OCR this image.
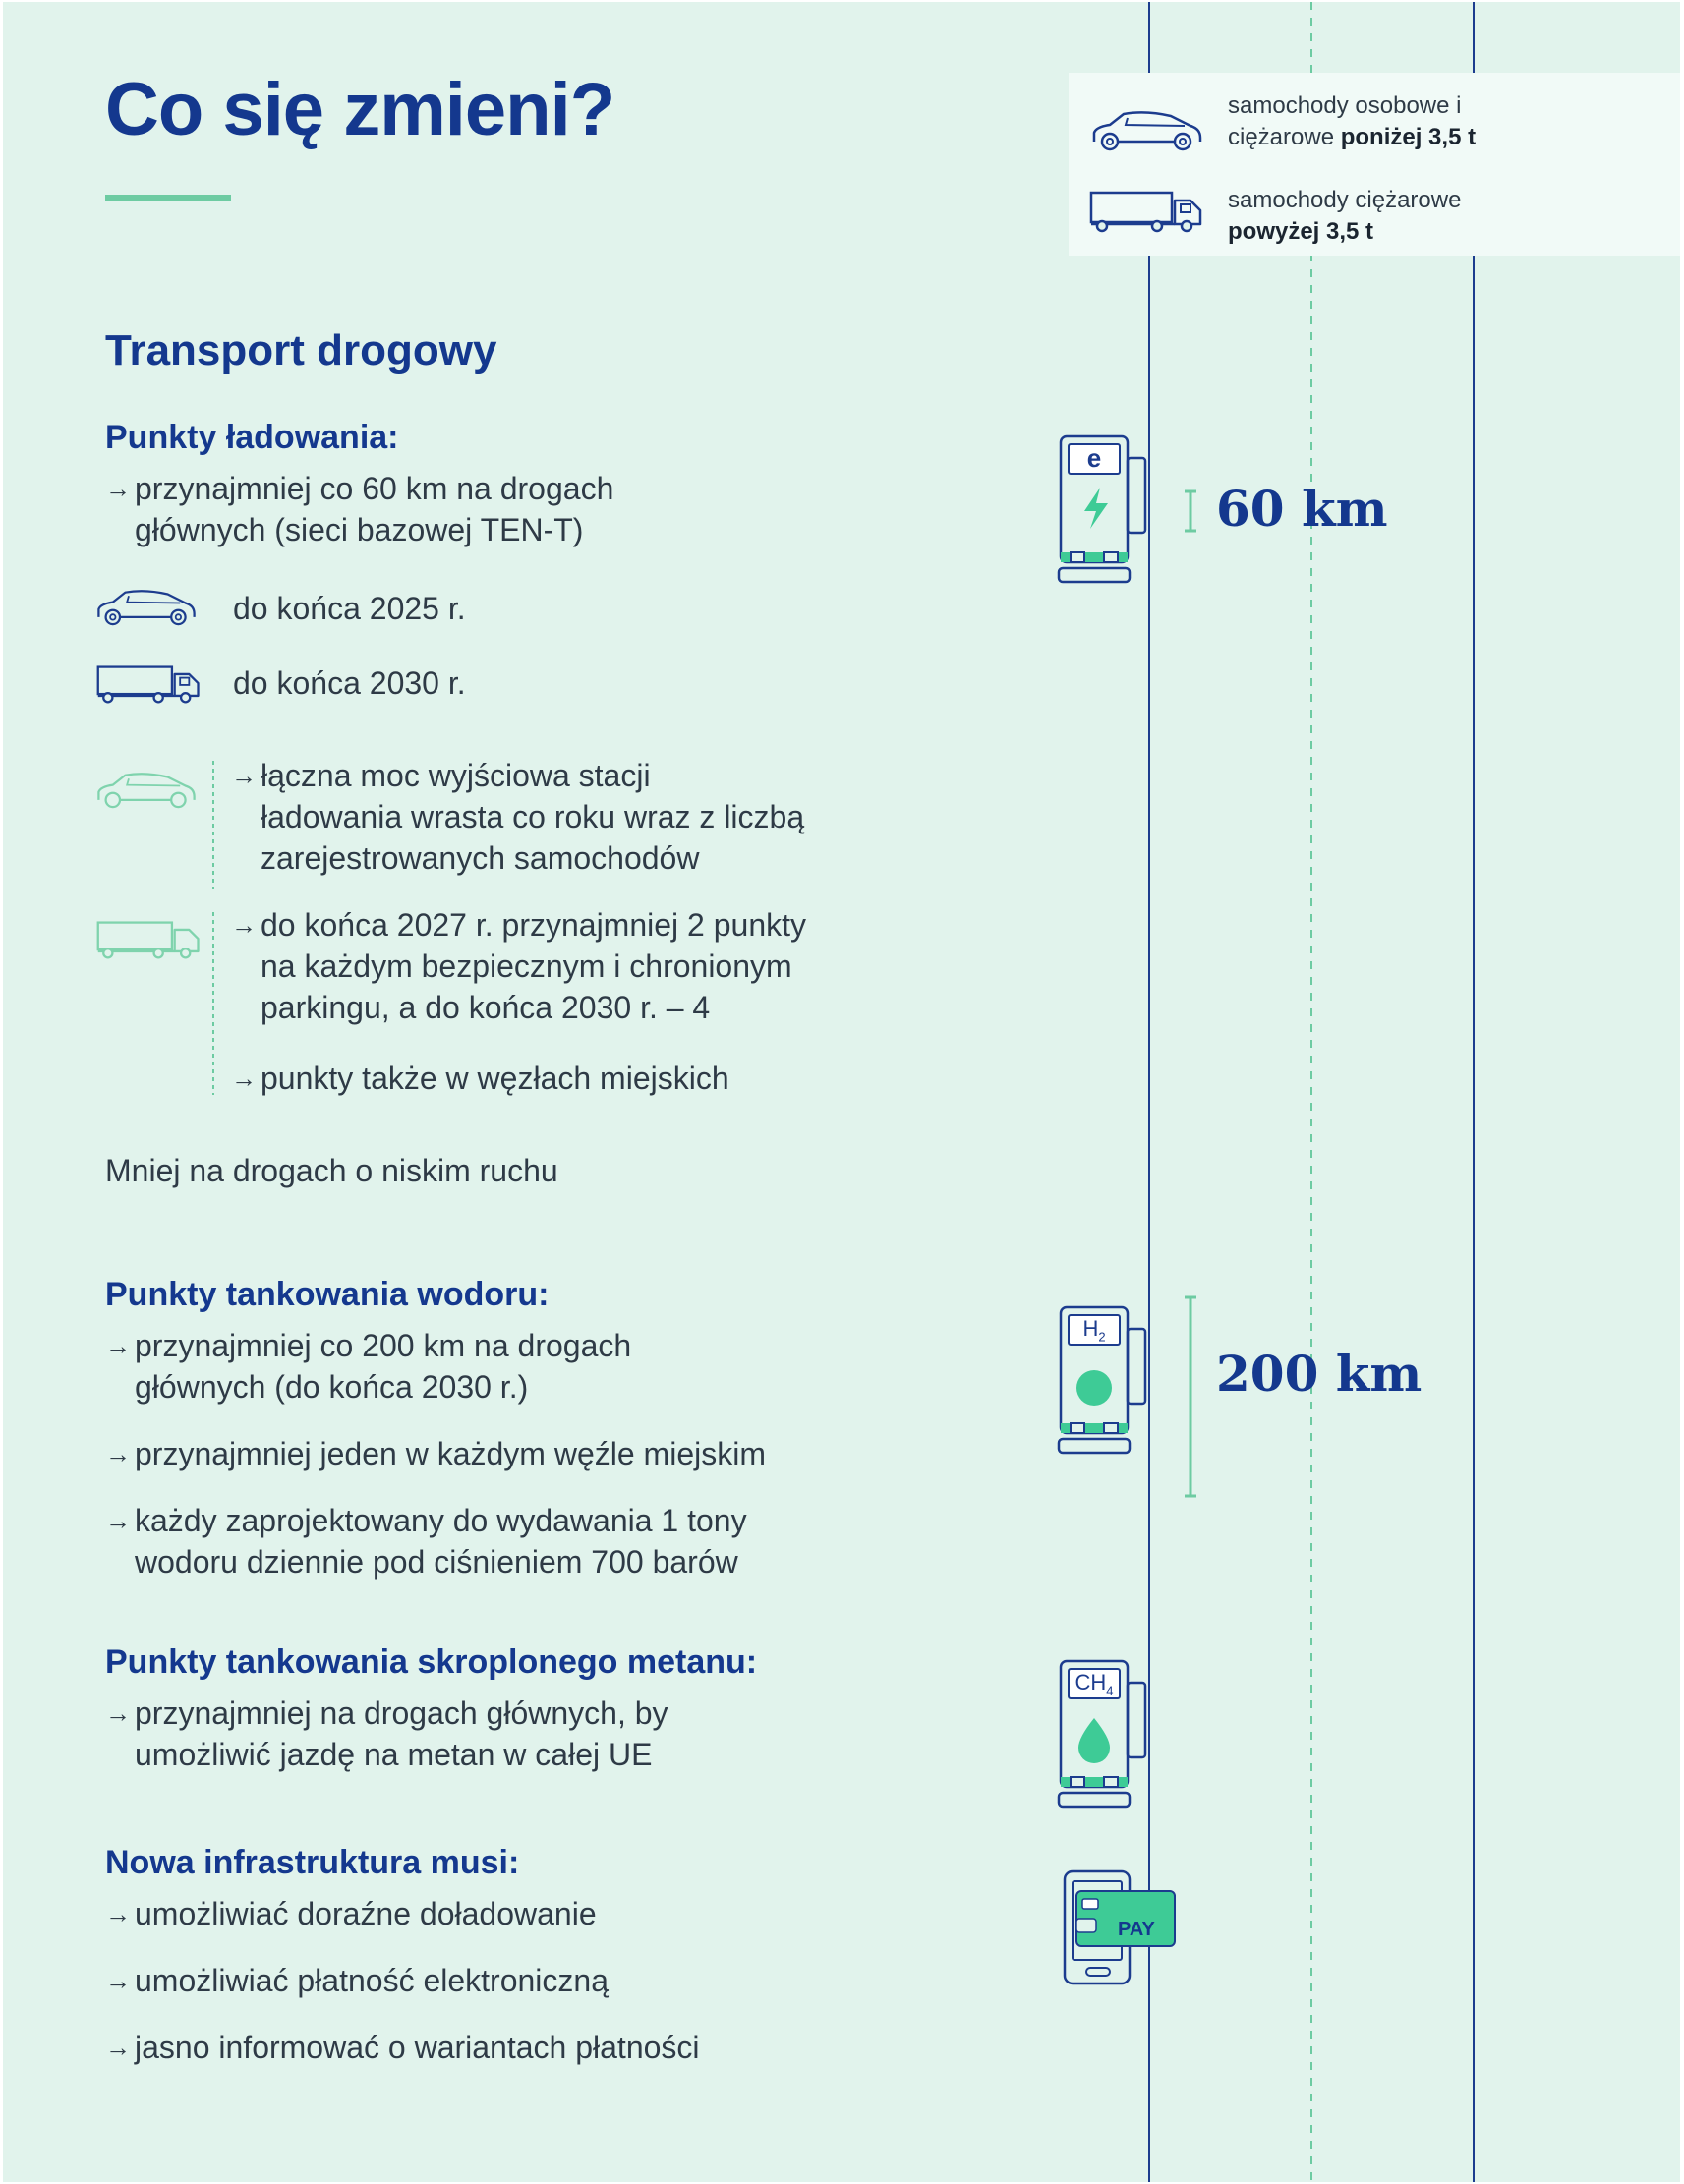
Co się zmieni?	samochody osobowe i
ciężarowe poniżej 3,5 t
samochody ciężarowe
powyżej 3,5 t
Transport drogowy
Punkty ładowania:
→ przynajmniej co 60 km na drogach
głównych (sieci bazowej TEN-T)
do końca 2025 r.
do końca 2030 r.
→ łączna moc wyjściowa stacji
ładowania wrasta co roku wraz z liczbą
zarejestrowanych samochodów
→ do końca 2027 r. przynajmniej 2 punkty
na każdym bezpiecznym i chronionym
parkingu, a do końca 2030 r. – 4
→ punkty także w węzłach miejskich
Mniej na drogach o niskim ruchu
e
60 km
Punkty tankowania wodoru:
→ przynajmniej co 200 km na drogach
głównych (do końca 2030 r.)
→ przynajmniej jeden w każdym węźle miejskim
→ każdy zaprojektowany do wydawania 1 tony
wodoru dziennie pod ciśnieniem 700 barów
$H_2$
200 km
Punkty tankowania skroplonego metanu:
→ przynajmniej na drogach głównych, by
umożliwić jazdę na metan w całej UE
$CH_4$
Nowa infrastruktura musi:
→ umożliwiać doraźne doładowanie
→ umożliwiać płatność elektroniczną
→ jasno informować o wariantach płatności
PAY
